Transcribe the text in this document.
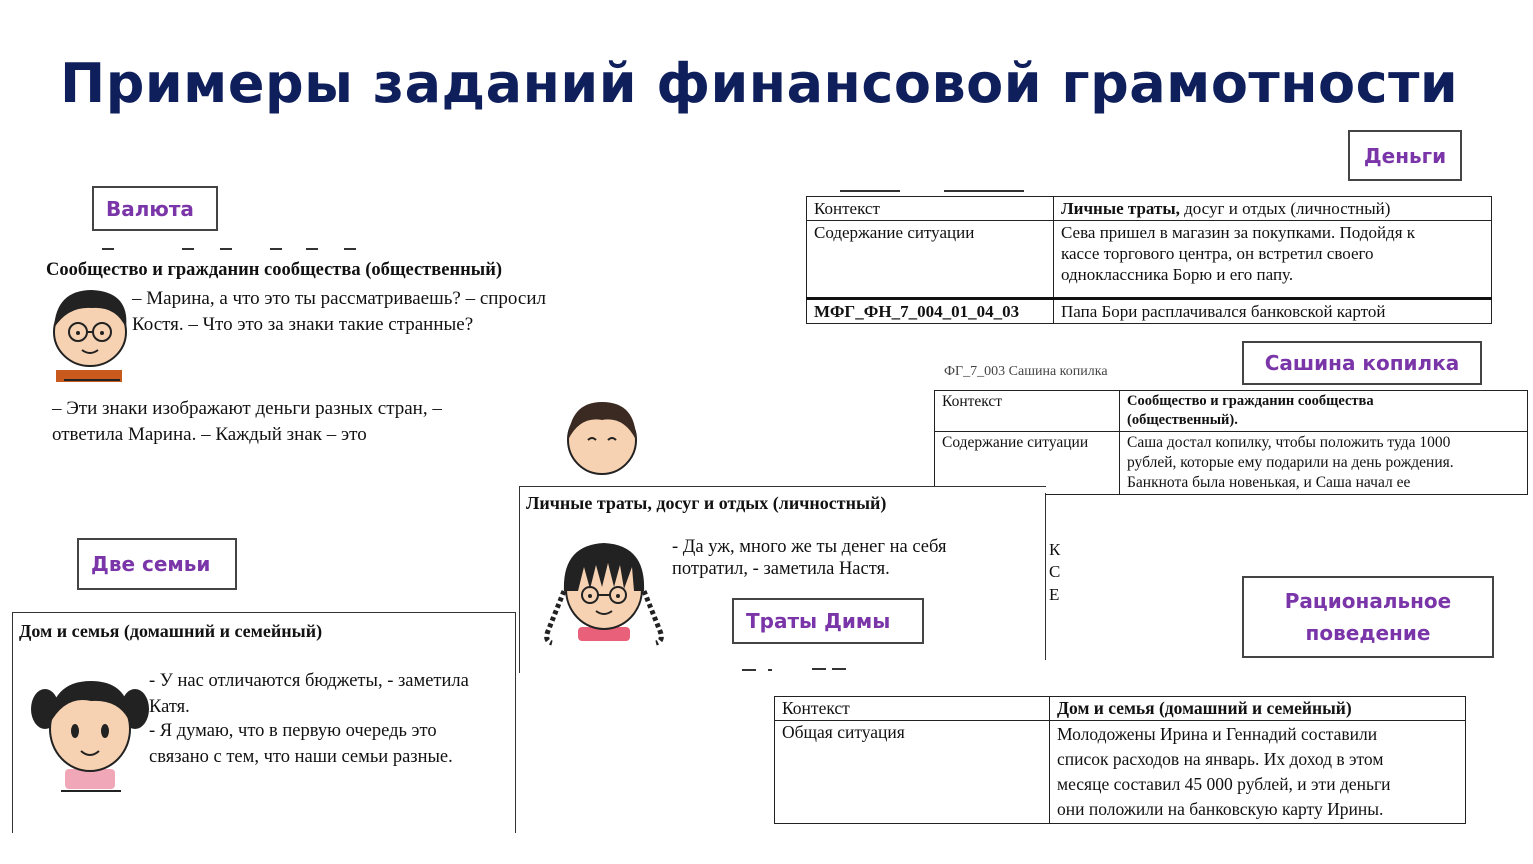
Примеры заданий финансовой грамотности
Сообщество и гражданин сообщества (общественный)
– Марина, а что это ты рассматриваешь? – спросил
Костя. – Что это за знаки такие странные?
– Эти знаки изображают деньги разных стран, –
ответила Марина. – Каждый знак – это
Валюта	Контекст	Личные траты, досуг и отдых (личностный)
Содержание ситуации	Сева пришел в магазин за покупками. Подойдя к
кассе торгового центра, он встретил своего
одноклассника Борю и его папу.

МФГ_ФН_7_004_01_04_03	Папа Бори расплачивался банковской картой
Деньги
ФГ_7_003 Сашина копилка
Контекст	Сообщество и гражданин сообщества
(общественный).

Содержание ситуации	Саша достал копилку, чтобы положить туда 1000
рублей, которые ему подарили на день рождения.
Банкнота была новенькая, и Саша начал ее
Сашина копилка
Личные траты, досуг и отдых (личностный)
- Да уж, много же ты денег на себя
потратил, - заметила Настя.
К
С
Е
Траты Димы
Дом и семья (домашний и семейный)
- У нас отличаются бюджеты, - заметила
Катя.
- Я думаю, что в первую очередь это
связано с тем, что наши семьи разные.
Две семьи
Контекст	Дом и семья (домашний и семейный)
Общая ситуация	Молодожены Ирина и Геннадий составили
список расходов на январь. Их доход в этом
месяце составил 45 000 рублей, и эти деньги
они положили на банковскую карту Ирины.
Рациональное поведение
